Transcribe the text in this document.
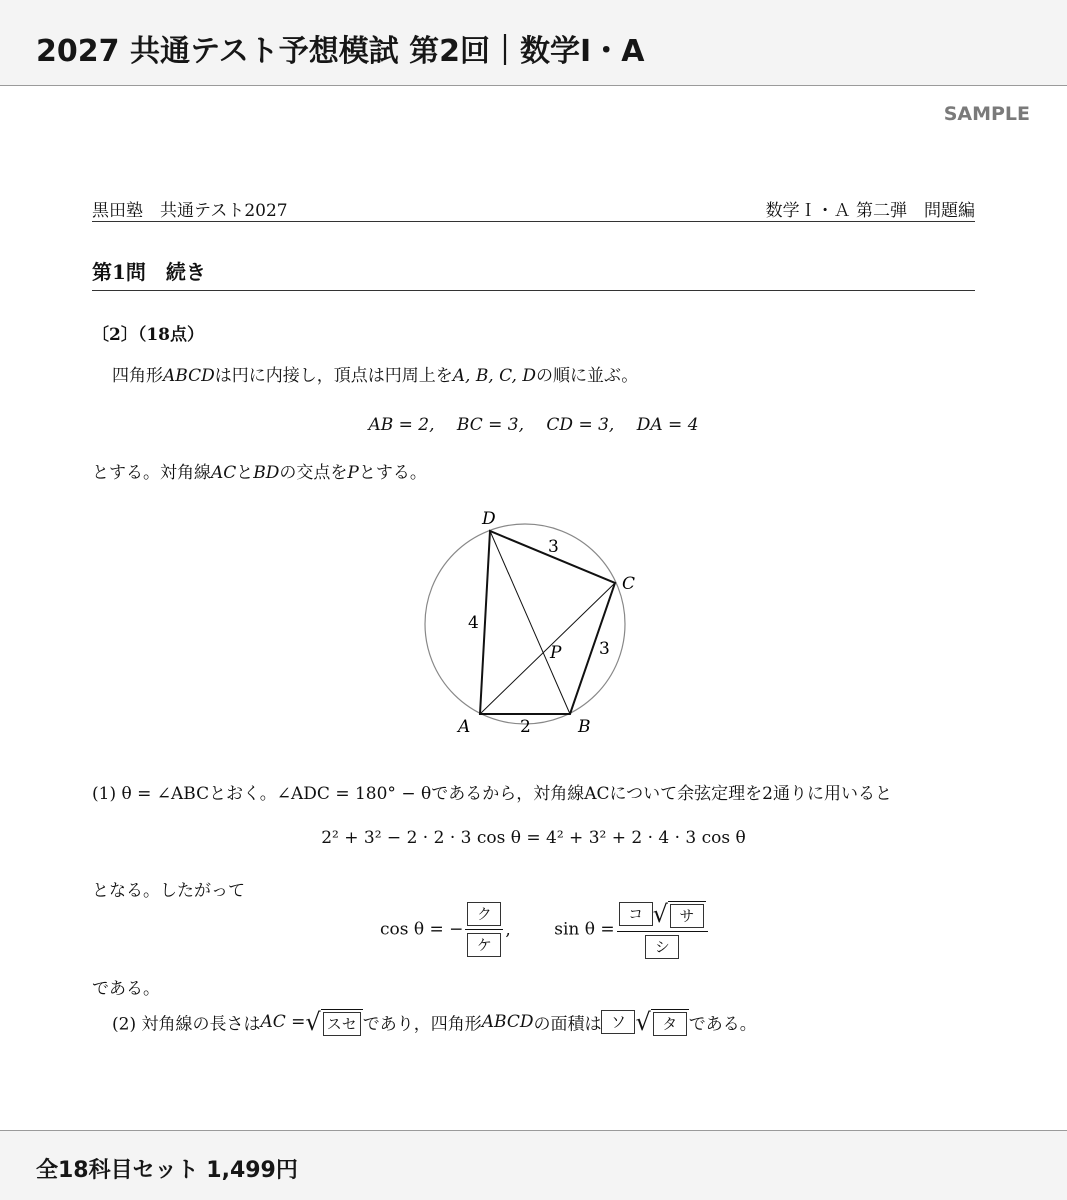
2027 共通テスト予想模試 第2回｜数学I・A
SAMPLE
黒田塾　共通テスト2027	数学Ｉ・Ａ 第二弾　問題編
第1問　続き
〔2〕（18点）
四角形ABCDは円に内接し，頂点は円周上をA, B, C, Dの順に並ぶ。
AB = 2,　 BC = 3,　 CD = 3,　 DA = 4
とする。対角線ACとBDの交点をPとする。
A	B
C
D
P
2
3
3
4
(1) θ = ∠ABCとおく。∠ADC = 180° − θであるから，対角線ACについて余弦定理を2通りに用いると
2² + 3² − 2 · 2 · 3 cos θ = 4² + 3² + 2 · 4 · 3 cos θ
となる。したがって
cos θ = − $\frac{\text{ク}}{\text{ケ}}$ ,	$\sin \theta = \frac{\text{コ √ サ}}{\text{シ}}$
である。
(2) 対角線の長さはAC =√ スセ であり，四角形ABCDの面積は ソ √ タ である。
全18科目セット 1,499円
